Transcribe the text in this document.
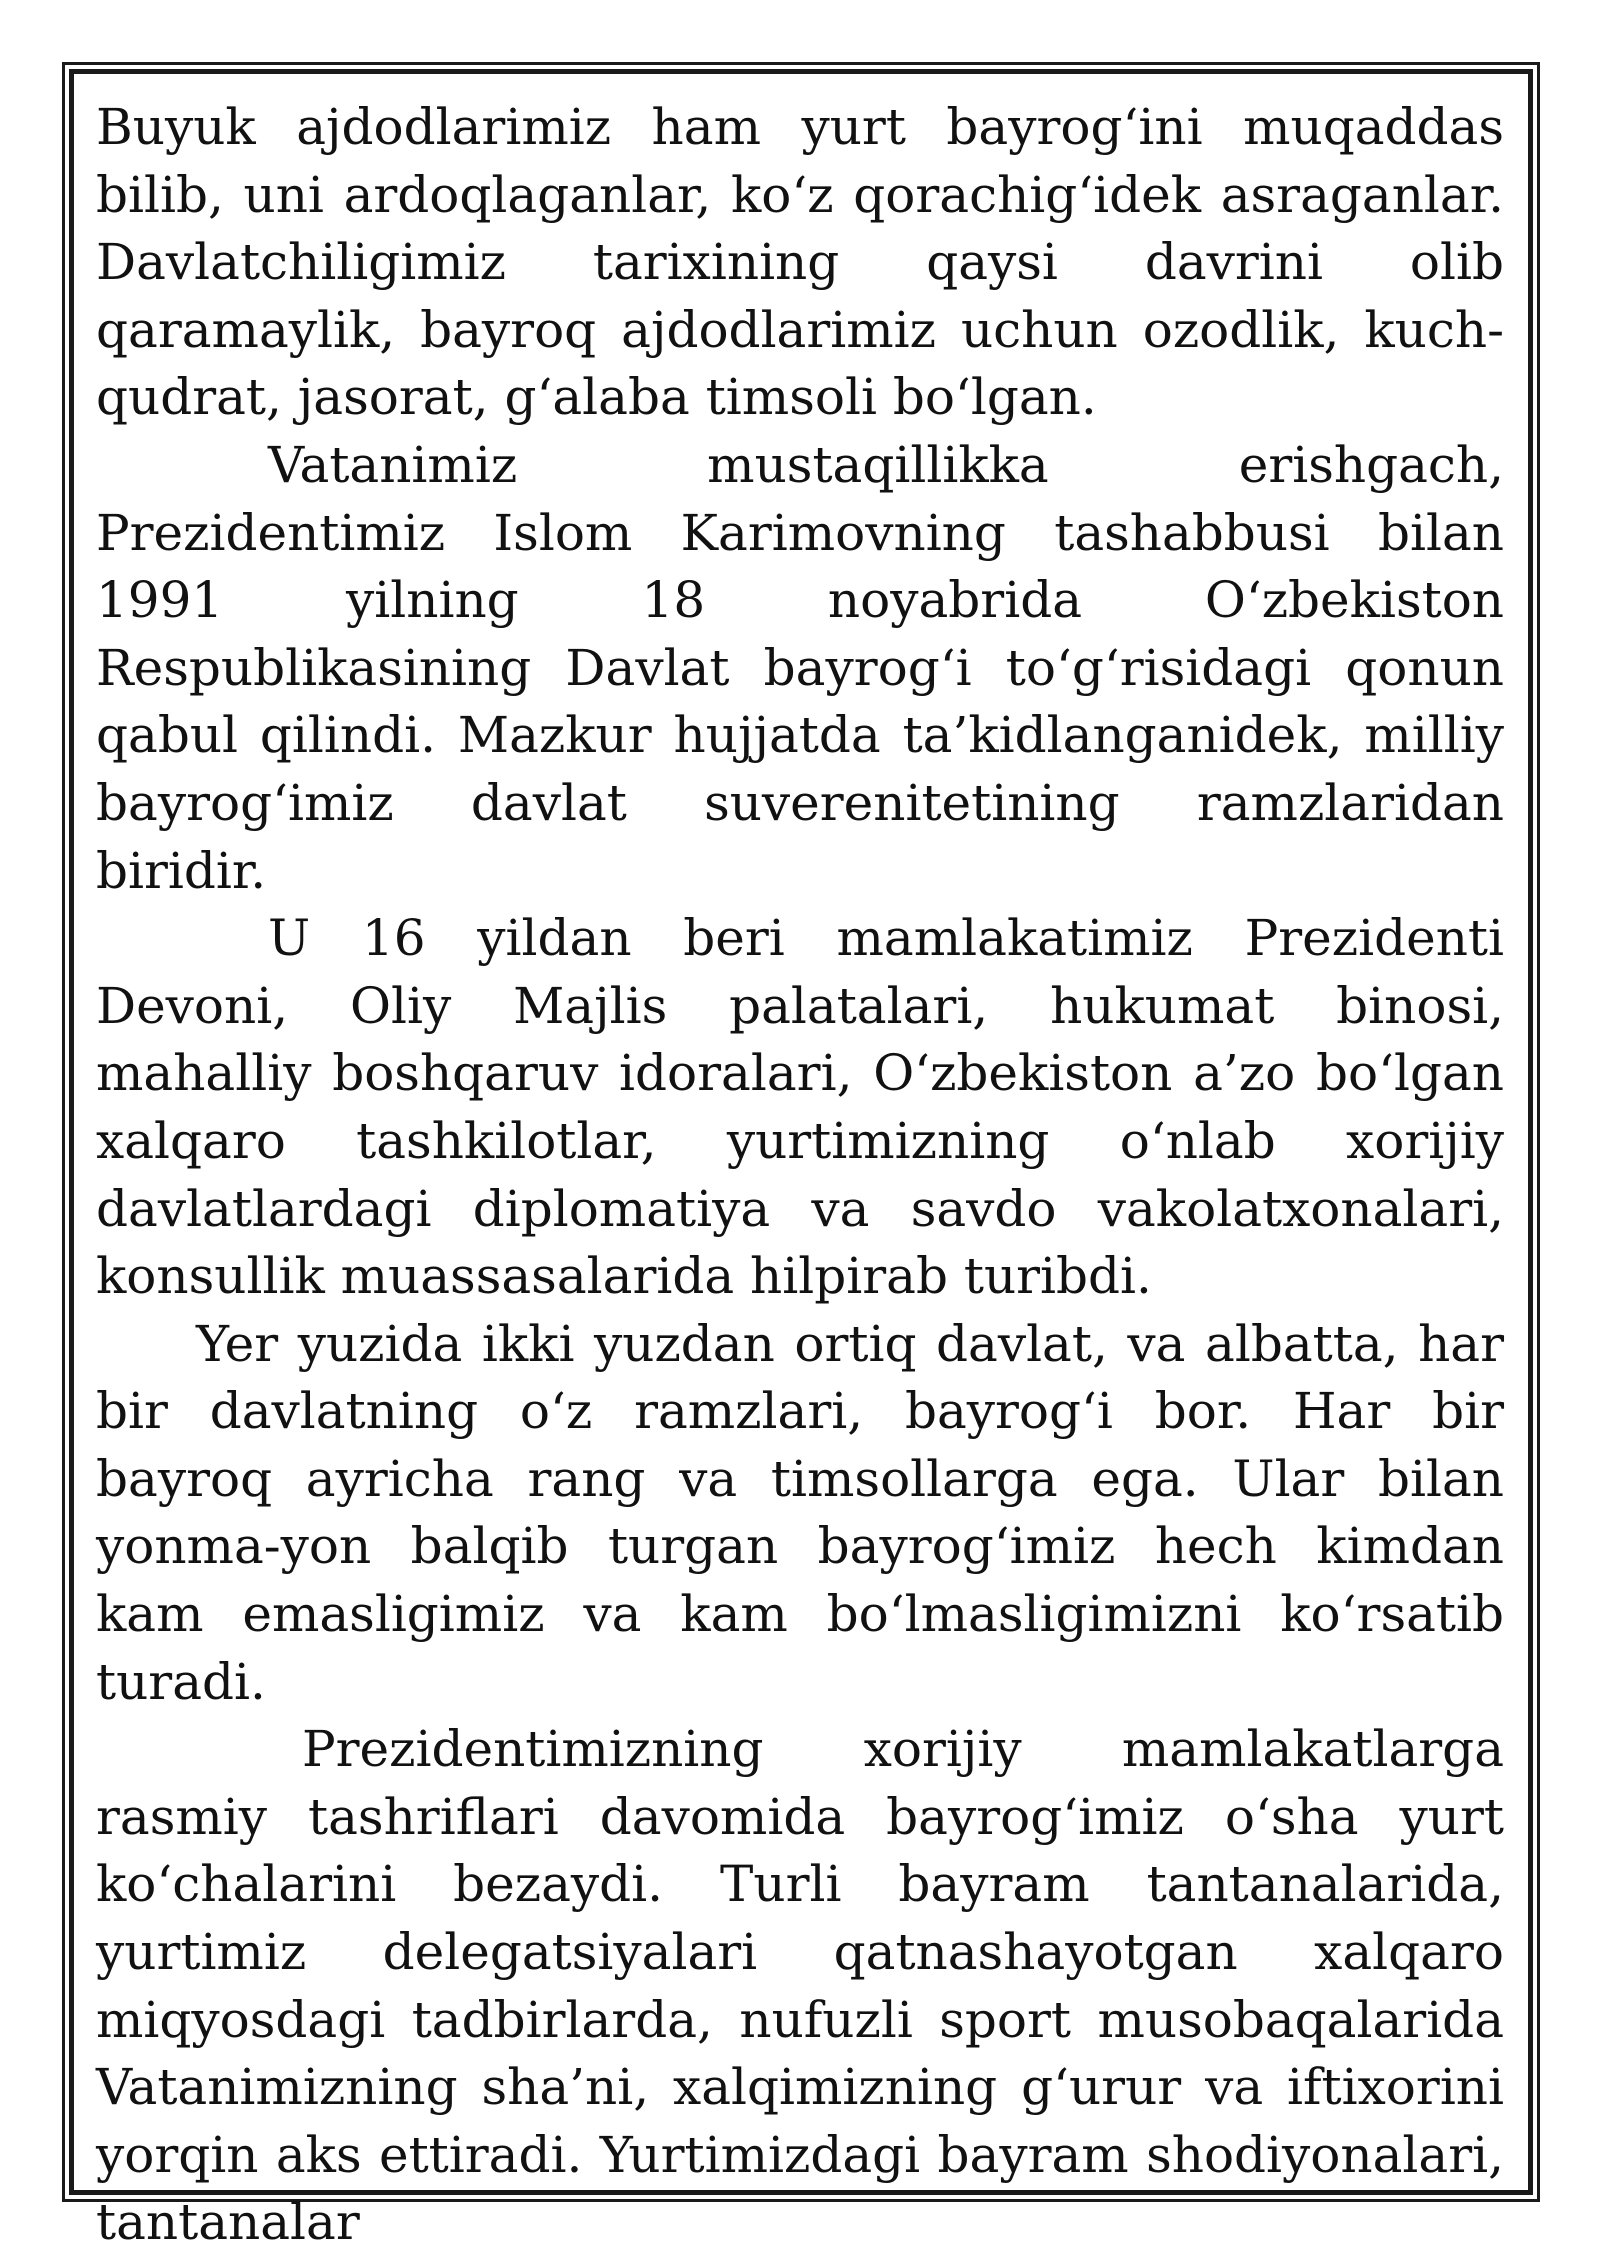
Buyuk ajdodlarimiz ham yurt bayrog‘ini muqaddas bilib, uni ardoqlaganlar, ko‘z qorachig‘idek asraganlar. Davlatchiligimiz tarixining qaysi davrini olib qaramaylik, bayroq ajdodlarimiz uchun ozodlik, kuch-qudrat, jasorat, g‘alaba timsoli bo‘lgan.

Vatanimiz mustaqillikka erishgach, Prezidentimiz Islom Karimovning tashabbusi bilan 1991 yilning 18 noyabrida O‘zbekiston Respublikasining Davlat bayrog‘i to‘g‘risidagi qonun qabul qilindi. Mazkur hujjatda ta’kidlanganidek, milliy bayrog‘imiz davlat suverenitetining ramzlaridan biridir.

U 16 yildan beri mamlakatimiz Prezidenti Devoni, Oliy Majlis palatalari, hukumat binosi, mahalliy boshqaruv idoralari, O‘zbekiston a’zo bo‘lgan xalqaro tashkilotlar, yurtimizning o‘nlab xorijiy davlatlardagi diplomatiya va savdo vakolatxonalari, konsullik muassasalarida hilpirab turibdi.

Yer yuzida ikki yuzdan ortiq davlat, va albatta, har bir davlatning o‘z ramzlari, bayrog‘i bor. Har bir bayroq ayricha rang va timsollarga ega. Ular bilan yonma-yon balqib turgan bayrog‘imiz hech kimdan kam emasligimiz va kam bo‘lmasligimizni ko‘rsatib turadi.

Prezidentimizning xorijiy mamlakatlarga rasmiy tashriflari davomida bayrog‘imiz o‘sha yurt ko‘chalarini bezaydi. Turli bayram tantanalarida, yurtimiz delegatsiyalari qatnashayotgan xalqaro miqyosdagi tadbirlarda, nufuzli sport musobaqalarida Vatanimizning sha’ni, xalqimizning g‘urur va iftixorini yorqin aks ettiradi. Yurtimizdagi bayram shodiyonalari, tantanalar
